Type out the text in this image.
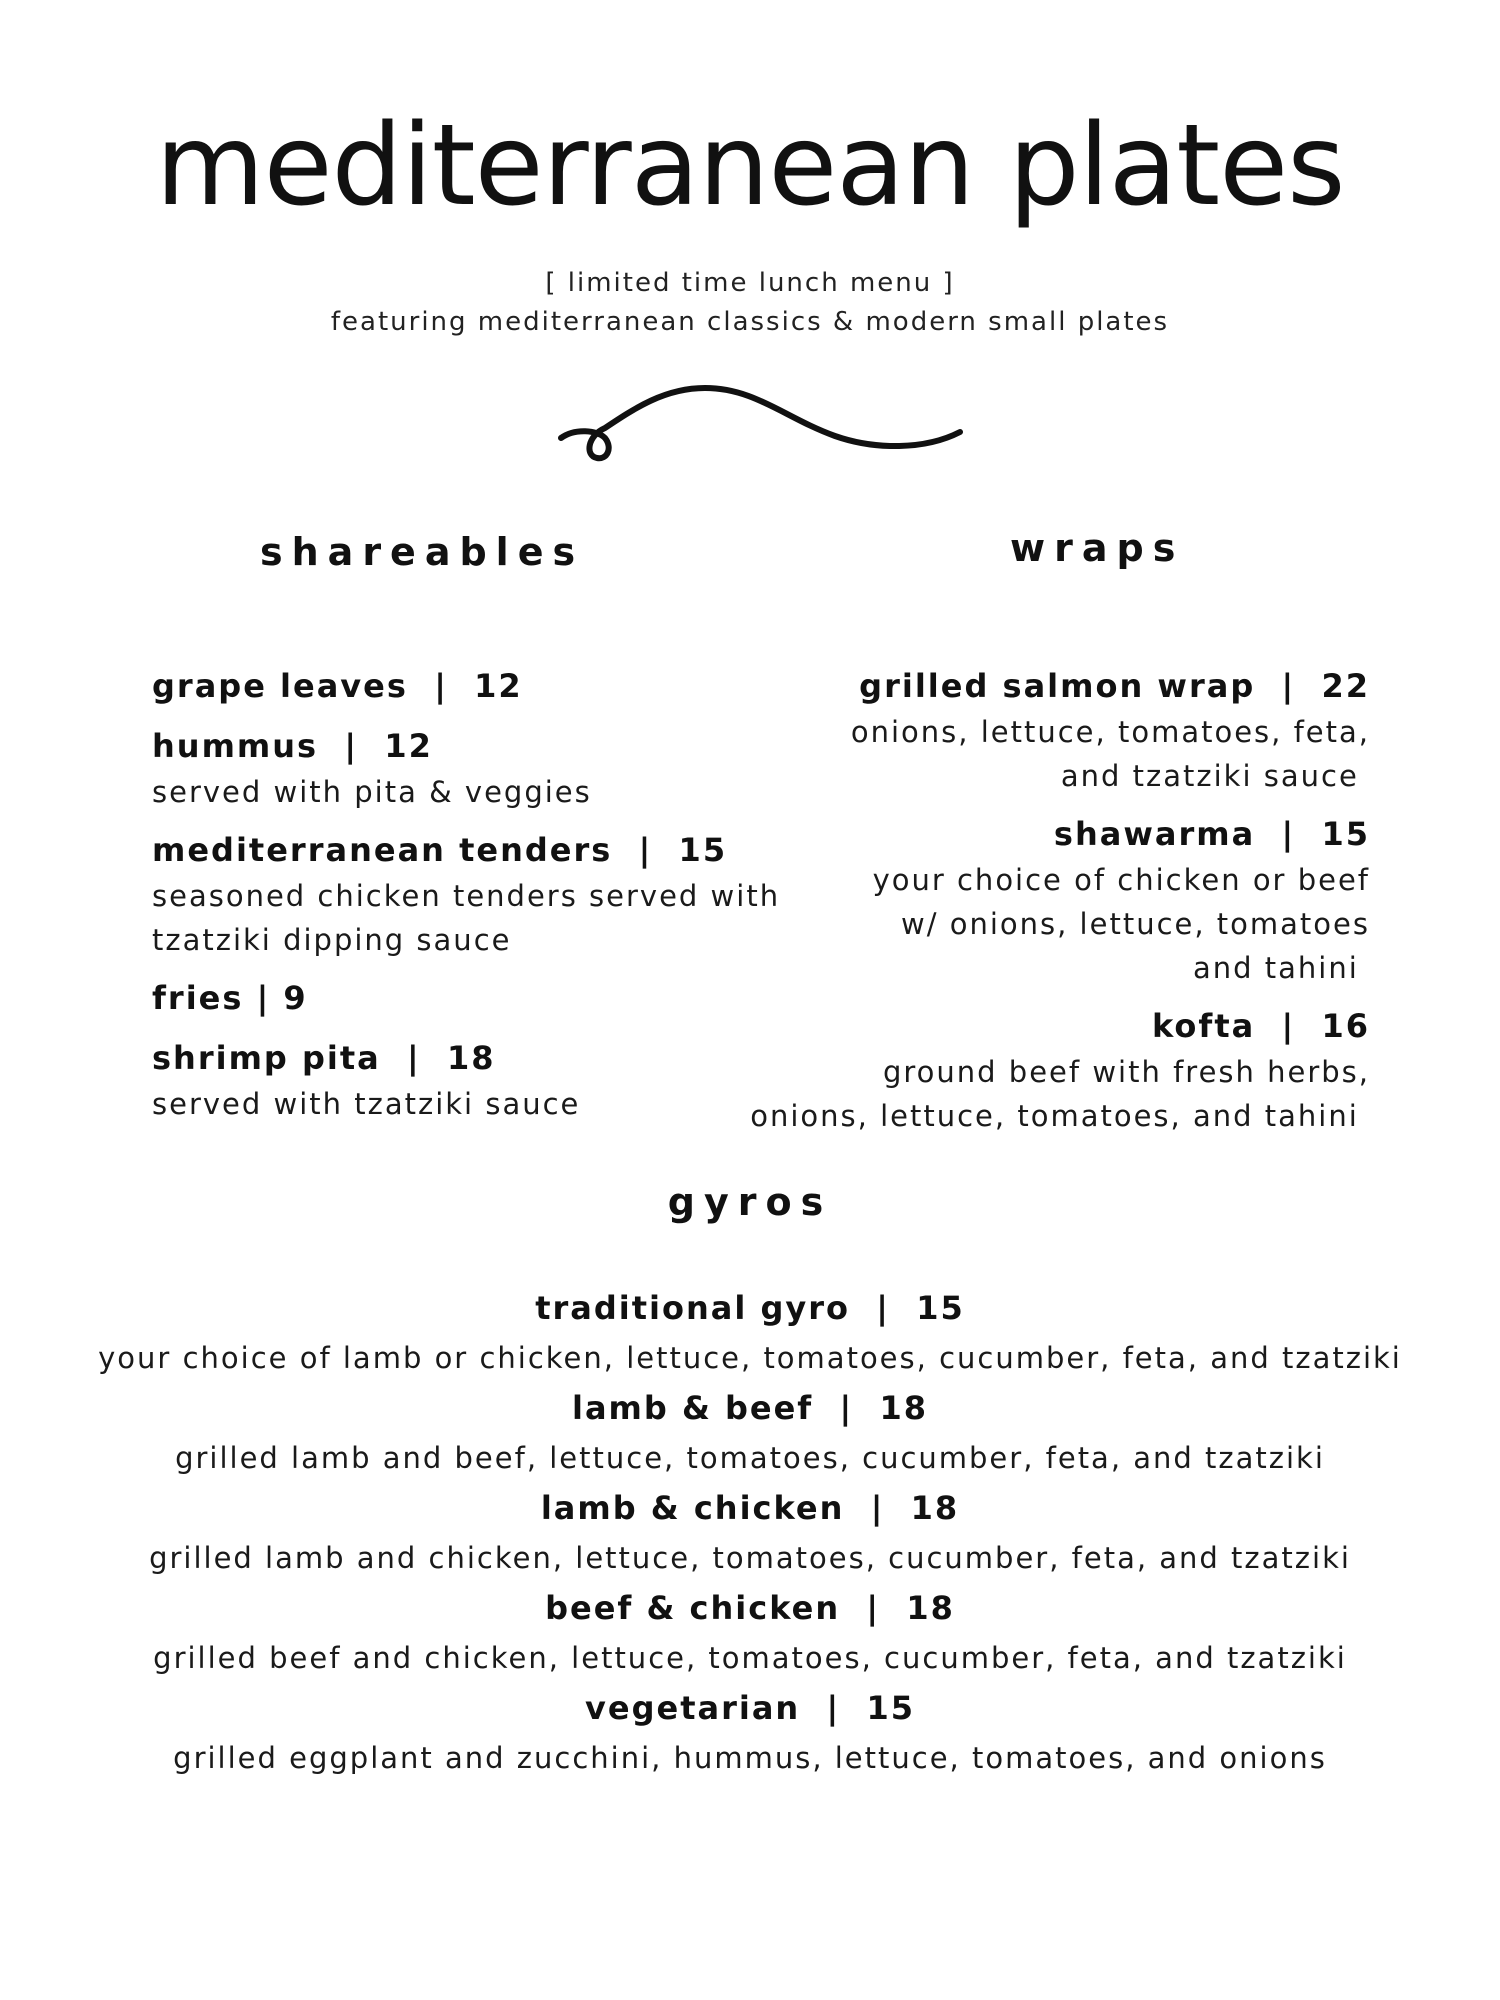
mediterranean plates
[ limited time lunch menu ]
featuring mediterranean classics & modern small plates
shareables	wraps
grape leaves  |  12
hummus  |  12
served with pita & veggies
mediterranean tenders  |  15
seasoned chicken tenders served with
tzatziki dipping sauce
fries | 9
shrimp pita  |  18
served with tzatziki sauce
grilled salmon wrap  |  22
onions, lettuce, tomatoes, feta,
and tzatziki sauce
shawarma  |  15
your choice of chicken or beef
w/ onions, lettuce, tomatoes
and tahini
kofta  |  16
ground beef with fresh herbs,
onions, lettuce, tomatoes, and tahini
gyros
traditional gyro  |  15
your choice of lamb or chicken, lettuce, tomatoes, cucumber, feta, and tzatziki
lamb & beef  |  18
grilled lamb and beef, lettuce, tomatoes, cucumber, feta, and tzatziki
lamb & chicken  |  18
grilled lamb and chicken, lettuce, tomatoes, cucumber, feta, and tzatziki
beef & chicken  |  18
grilled beef and chicken, lettuce, tomatoes, cucumber, feta, and tzatziki
vegetarian  |  15
grilled eggplant and zucchini, hummus, lettuce, tomatoes, and onions
